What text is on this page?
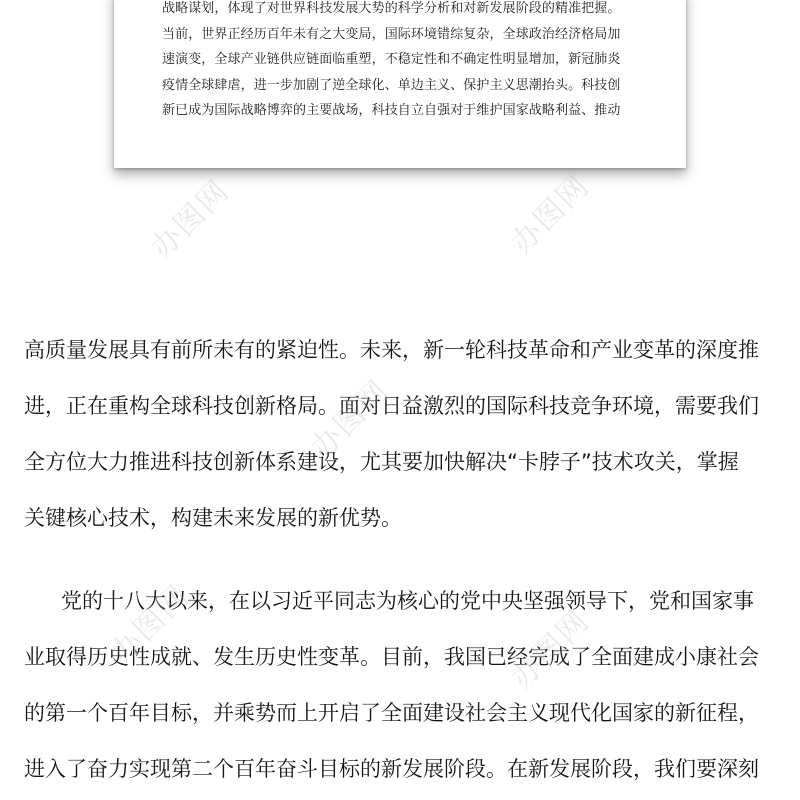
战略谋划，体现了对世界科技发展大势的科学分析和对新发展阶段的精准把握。
当前，世界正经历百年未有之大变局，国际环境错综复杂，全球政治经济格局加
速演变，全球产业链供应链面临重塑，不稳定性和不确定性明显增加，新冠肺炎
疫情全球肆虐，进一步加剧了逆全球化、单边主义、保护主义思潮抬头。科技创
新已成为国际战略博弈的主要战场，科技自立自强对于维护国家战略利益、推动
高质量发展具有前所未有的紧迫性。未来，新一轮科技革命和产业变革的深度推
进，正在重构全球科技创新格局。面对日益激烈的国际科技竞争环境，需要我们
全方位大力推进科技创新体系建设，尤其要加快解决“卡脖子”技术攻关，掌握
关键核心技术，构建未来发展的新优势。
党的十八大以来，在以习近平同志为核心的党中央坚强领导下，党和国家事
业取得历史性成就、发生历史性变革。目前，我国已经完成了全面建成小康社会
的第一个百年目标，并乘势而上开启了全面建设社会主义现代化国家的新征程，
进入了奋力实现第二个百年奋斗目标的新发展阶段。在新发展阶段，我们要深刻
办图网	办图网
办图网
办图网	办图网
